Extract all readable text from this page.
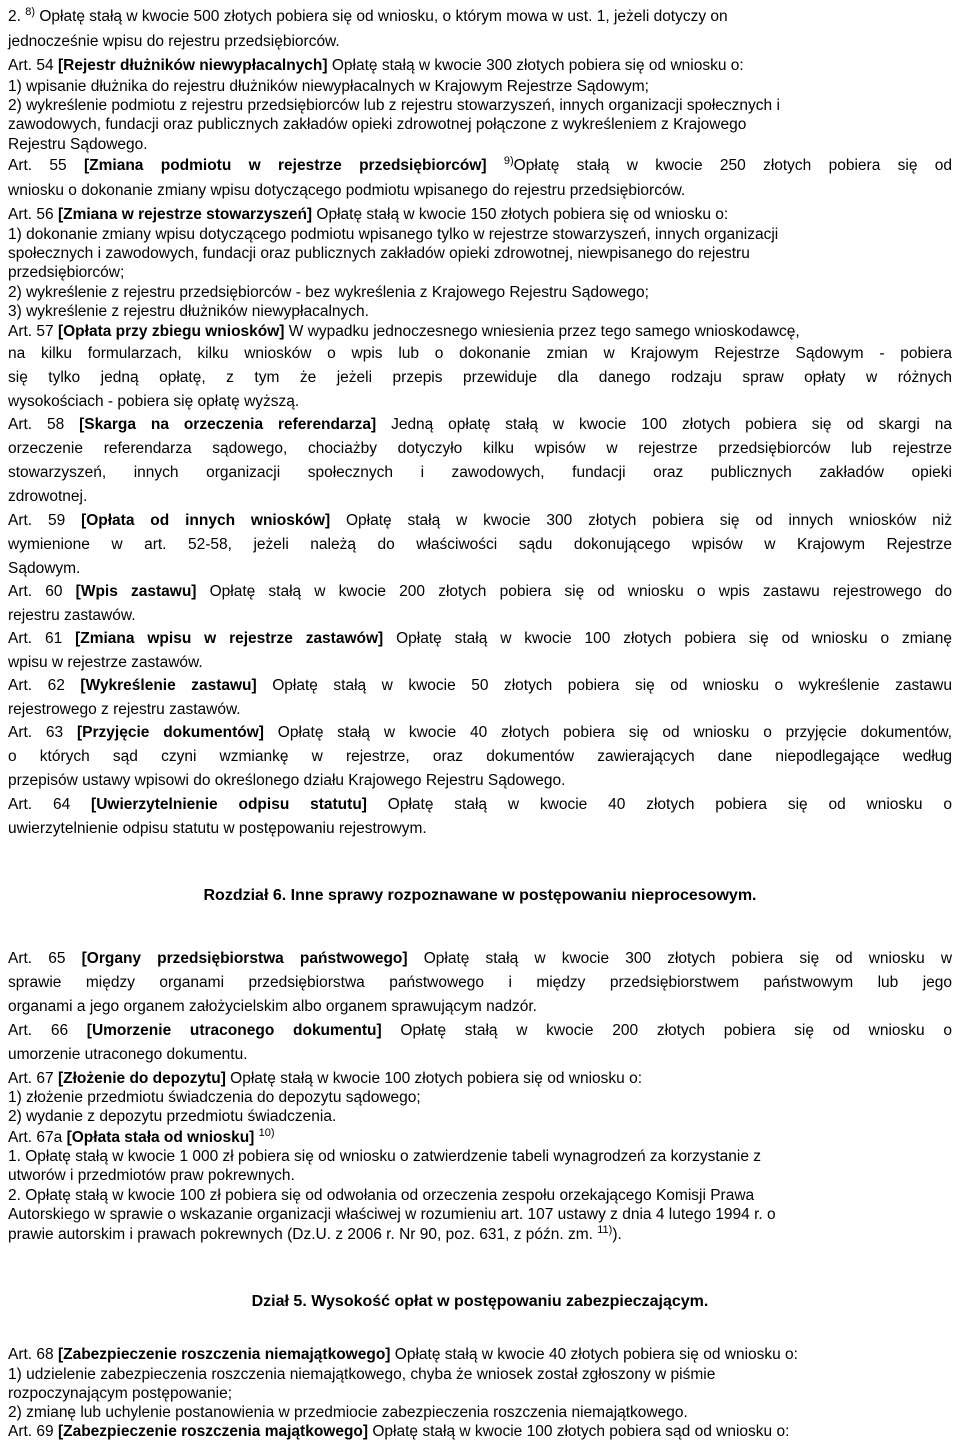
Rozdział 6. Inne sprawy rozpoznawane w postępowaniu nieprocesowym.
Dział 5. Wysokość opłat w postępowaniu zabezpieczającym.
2. $^{8)}$ Opłatę stałą w kwocie 500 złotych pobiera się od wniosku, o którym mowa w ust. 1, jeżeli dotyczy on
jednocześnie wpisu do rejestru przedsiębiorców.
Art. 54 [Rejestr dłużników niewypłacalnych] Opłatę stałą w kwocie 300 złotych pobiera się od wniosku o:
1) wpisanie dłużnika do rejestru dłużników niewypłacalnych w Krajowym Rejestrze Sądowym;
2) wykreślenie podmiotu z rejestru przedsiębiorców lub z rejestru stowarzyszeń, innych organizacji społecznych i
zawodowych, fundacji oraz publicznych zakładów opieki zdrowotnej połączone z wykreśleniem z Krajowego
Rejestru Sądowego.
Art. 55 [Zmiana podmiotu w rejestrze przedsiębiorców] $^{9)}$Opłatę stałą w kwocie 250 złotych pobiera się od
wniosku o dokonanie zmiany wpisu dotyczącego podmiotu wpisanego do rejestru przedsiębiorców.
Art. 56 [Zmiana w rejestrze stowarzyszeń] Opłatę stałą w kwocie 150 złotych pobiera się od wniosku o:
1) dokonanie zmiany wpisu dotyczącego podmiotu wpisanego tylko w rejestrze stowarzyszeń, innych organizacji
społecznych i zawodowych, fundacji oraz publicznych zakładów opieki zdrowotnej, niewpisanego do rejestru
przedsiębiorców;
2) wykreślenie z rejestru przedsiębiorców - bez wykreślenia z Krajowego Rejestru Sądowego;
3) wykreślenie z rejestru dłużników niewypłacalnych.
Art. 57 [Opłata przy zbiegu wniosków] W wypadku jednoczesnego wniesienia przez tego samego wnioskodawcę,
na kilku formularzach, kilku wniosków o wpis lub o dokonanie zmian w Krajowym Rejestrze Sądowym - pobiera
się tylko jedną opłatę, z tym że jeżeli przepis przewiduje dla danego rodzaju spraw opłaty w różnych
wysokościach - pobiera się opłatę wyższą.
Art. 58 [Skarga na orzeczenia referendarza] Jedną opłatę stałą w kwocie 100 złotych pobiera się od skargi na
orzeczenie referendarza sądowego, chociażby dotyczyło kilku wpisów w rejestrze przedsiębiorców lub rejestrze
stowarzyszeń, innych organizacji społecznych i zawodowych, fundacji oraz publicznych zakładów opieki
zdrowotnej.
Art. 59 [Opłata od innych wniosków] Opłatę stałą w kwocie 300 złotych pobiera się od innych wniosków niż
wymienione w art. 52-58, jeżeli należą do właściwości sądu dokonującego wpisów w Krajowym Rejestrze
Sądowym.
Art. 60 [Wpis zastawu] Opłatę stałą w kwocie 200 złotych pobiera się od wniosku o wpis zastawu rejestrowego do
rejestru zastawów.
Art. 61 [Zmiana wpisu w rejestrze zastawów] Opłatę stałą w kwocie 100 złotych pobiera się od wniosku o zmianę
wpisu w rejestrze zastawów.
Art. 62 [Wykreślenie zastawu] Opłatę stałą w kwocie 50 złotych pobiera się od wniosku o wykreślenie zastawu
rejestrowego z rejestru zastawów.
Art. 63 [Przyjęcie dokumentów] Opłatę stałą w kwocie 40 złotych pobiera się od wniosku o przyjęcie dokumentów,
o których sąd czyni wzmiankę w rejestrze, oraz dokumentów zawierających dane niepodlegające według
przepisów ustawy wpisowi do określonego działu Krajowego Rejestru Sądowego.
Art. 64 [Uwierzytelnienie odpisu statutu] Opłatę stałą w kwocie 40 złotych pobiera się od wniosku o
uwierzytelnienie odpisu statutu w postępowaniu rejestrowym.
Art. 65 [Organy przedsiębiorstwa państwowego] Opłatę stałą w kwocie 300 złotych pobiera się od wniosku w
sprawie między organami przedsiębiorstwa państwowego i między przedsiębiorstwem państwowym lub jego
organami a jego organem założycielskim albo organem sprawującym nadzór.
Art. 66 [Umorzenie utraconego dokumentu] Opłatę stałą w kwocie 200 złotych pobiera się od wniosku o
umorzenie utraconego dokumentu.
Art. 67 [Złożenie do depozytu] Opłatę stałą w kwocie 100 złotych pobiera się od wniosku o:
1) złożenie przedmiotu świadczenia do depozytu sądowego;
2) wydanie z depozytu przedmiotu świadczenia.
Art. 67a [Opłata stała od wniosku] $^{10)}$
1. Opłatę stałą w kwocie 1 000 zł pobiera się od wniosku o zatwierdzenie tabeli wynagrodzeń za korzystanie z
utworów i przedmiotów praw pokrewnych.
2. Opłatę stałą w kwocie 100 zł pobiera się od odwołania od orzeczenia zespołu orzekającego Komisji Prawa
Autorskiego w sprawie o wskazanie organizacji właściwej w rozumieniu art. 107 ustawy z dnia 4 lutego 1994 r. o
prawie autorskim i prawach pokrewnych (Dz.U. z 2006 r. Nr 90, poz. 631, z późn. zm. $^{11)}$).
Art. 68 [Zabezpieczenie roszczenia niemajątkowego] Opłatę stałą w kwocie 40 złotych pobiera się od wniosku o:
1) udzielenie zabezpieczenia roszczenia niemajątkowego, chyba że wniosek został zgłoszony w piśmie
rozpoczynającym postępowanie;
2) zmianę lub uchylenie postanowienia w przedmiocie zabezpieczenia roszczenia niemajątkowego.
Art. 69 [Zabezpieczenie roszczenia majątkowego] Opłatę stałą w kwocie 100 złotych pobiera sąd od wniosku o:
